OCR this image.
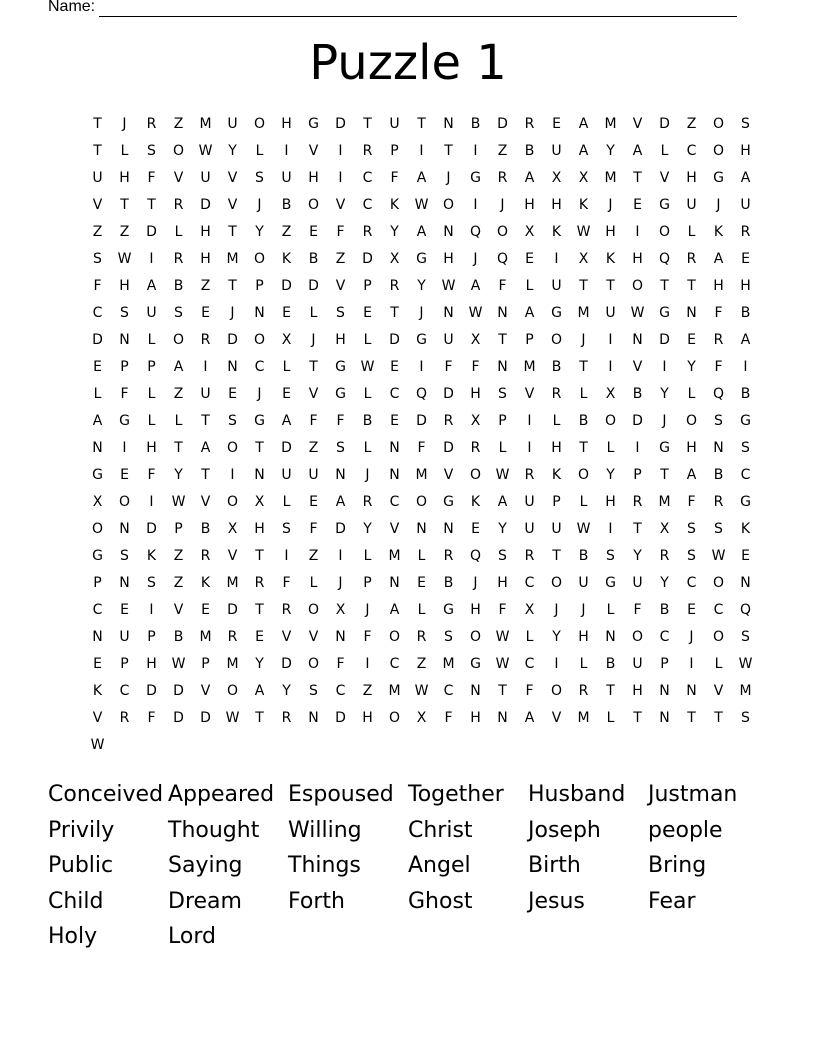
Name:
Puzzle 1
T	J	R	Z	M	U	O	H	G	D	T	U	T	N	B	D	R	E	A	M	V	D	Z	O	S
T	L	S	O	W	Y	L	I	V	I	R	P	I	T	I	Z	B	U	A	Y	A	L	C	O	H
U	H	F	V	U	V	S	U	H	I	C	F	A	J	G	R	A	X	X	M	T	V	H	G	A
V	T	T	R	D	V	J	B	O	V	C	K	W	O	I	J	H	H	K	J	E	G	U	J	U
Z	Z	D	L	H	T	Y	Z	E	F	R	Y	A	N	Q	O	X	K	W	H	I	O	L	K	R
S	W	I	R	H	M	O	K	B	Z	D	X	G	H	J	Q	E	I	X	K	H	Q	R	A	E
F	H	A	B	Z	T	P	D	D	V	P	R	Y	W	A	F	L	U	T	T	O	T	T	H	H
C	S	U	S	E	J	N	E	L	S	E	T	J	N	W	N	A	G	M	U	W	G	N	F	B
D	N	L	O	R	D	O	X	J	H	L	D	G	U	X	T	P	O	J	I	N	D	E	R	A
E	P	P	A	I	N	C	L	T	G	W	E	I	F	F	N	M	B	T	I	V	I	Y	F	I
L	F	L	Z	U	E	J	E	V	G	L	C	Q	D	H	S	V	R	L	X	B	Y	L	Q	B
A	G	L	L	T	S	G	A	F	F	B	E	D	R	X	P	I	L	B	O	D	J	O	S	G
N	I	H	T	A	O	T	D	Z	S	L	N	F	D	R	L	I	H	T	L	I	G	H	N	S
G	E	F	Y	T	I	N	U	U	N	J	N	M	V	O	W	R	K	O	Y	P	T	A	B	C
X	O	I	W	V	O	X	L	E	A	R	C	O	G	K	A	U	P	L	H	R	M	F	R	G
O	N	D	P	B	X	H	S	F	D	Y	V	N	N	E	Y	U	U	W	I	T	X	S	S	K
G	S	K	Z	R	V	T	I	Z	I	L	M	L	R	Q	S	R	T	B	S	Y	R	S	W	E
P	N	S	Z	K	M	R	F	L	J	P	N	E	B	J	H	C	O	U	G	U	Y	C	O	N
C	E	I	V	E	D	T	R	O	X	J	A	L	G	H	F	X	J	J	L	F	B	E	C	Q
N	U	P	B	M	R	E	V	V	N	F	O	R	S	O	W	L	Y	H	N	O	C	J	O	S
E	P	H	W	P	M	Y	D	O	F	I	C	Z	M	G	W	C	I	L	B	U	P	I	L	W
K	C	D	D	V	O	A	Y	S	C	Z	M	W	C	N	T	F	O	R	T	H	N	N	V	M
V	R	F	D	D	W	T	R	N	D	H	O	X	F	H	N	A	V	M	L	T	N	T	T	S
W
Conceived Appeared Espoused Together	Husband	Justman
Privily	Thought	Willing	Christ	Joseph	people
Public	Saying	Things	Angel	Birth	Bring
Child	Dream	Forth	Ghost	Jesus	Fear
Holy	Lord
